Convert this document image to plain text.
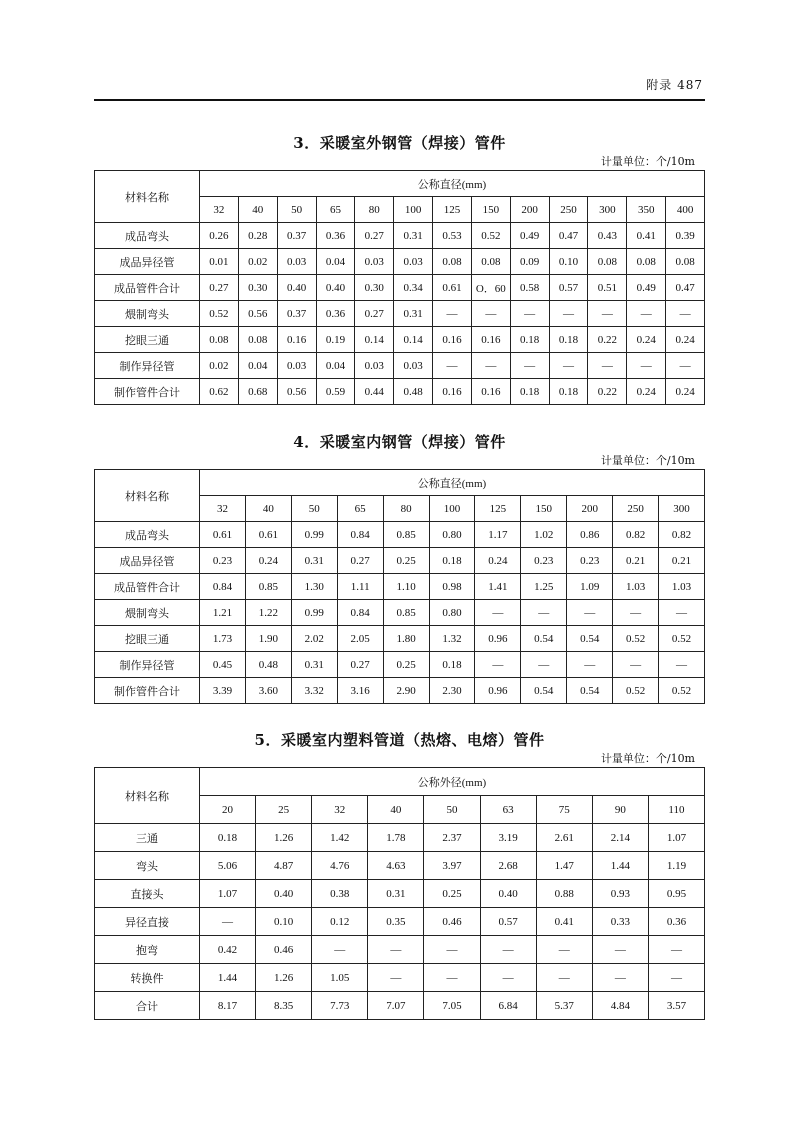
附录 487
3．采暖室外钢管（焊接）管件
计量单位：个/10m
材料名称	公称直径(mm)												
	32	40	50	65	80	100	125	150	200	250	300	350	400
成品弯头	0.26	0.28	0.37	0.36	0.27	0.31	0.53	0.52	0.49	0.47	0.43	0.41	0.39
成品异径管	0.01	0.02	0.03	0.04	0.03	0.03	0.08	0.08	0.09	0.10	0.08	0.08	0.08
成品管件合计	0.27	0.30	0.40	0.40	0.30	0.34	0.61	O．60	0.58	0.57	0.51	0.49	0.47
煨制弯头	0.52	0.56	0.37	0.36	0.27	0.31	—	—	—	—	—	—	—
挖眼三通	0.08	0.08	0.16	0.19	0.14	0.14	0.16	0.16	0.18	0.18	0.22	0.24	0.24
制作异径管	0.02	0.04	0.03	0.04	0.03	0.03	—	—	—	—	—	—	—
制作管件合计	0.62	0.68	0.56	0.59	0.44	0.48	0.16	0.16	0.18	0.18	0.22	0.24	0.24
4．采暖室内钢管（焊接）管件
计量单位：个/10m
材料名称	公称直径(mm)										
	32	40	50	65	80	100	125	150	200	250	300
成品弯头	0.61	0.61	0.99	0.84	0.85	0.80	1.17	1.02	0.86	0.82	0.82
成品异径管	0.23	0.24	0.31	0.27	0.25	0.18	0.24	0.23	0.23	0.21	0.21
成品管件合计	0.84	0.85	1.30	1.11	1.10	0.98	1.41	1.25	1.09	1.03	1.03
煨制弯头	1.21	1.22	0.99	0.84	0.85	0.80	—	—	—	—	—
挖眼三通	1.73	1.90	2.02	2.05	1.80	1.32	0.96	0.54	0.54	0.52	0.52
制作异径管	0.45	0.48	0.31	0.27	0.25	0.18	—	—	—	—	—
制作管件合计	3.39	3.60	3.32	3.16	2.90	2.30	0.96	0.54	0.54	0.52	0.52
5．采暖室内塑料管道（热熔、电熔）管件
计量单位：个/10m
材料名称	公称外径(mm)								
	20	25	32	40	50	63	75	90	110
三通	0.18	1.26	1.42	1.78	2.37	3.19	2.61	2.14	1.07
弯头	5.06	4.87	4.76	4.63	3.97	2.68	1.47	1.44	1.19
直接头	1.07	0.40	0.38	0.31	0.25	0.40	0.88	0.93	0.95
异径直接	—	0.10	0.12	0.35	0.46	0.57	0.41	0.33	0.36
抱弯	0.42	0.46	—	—	—	—	—	—	—
转换件	1.44	1.26	1.05	—	—	—	—	—	—
合计	8.17	8.35	7.73	7.07	7.05	6.84	5.37	4.84	3.57
